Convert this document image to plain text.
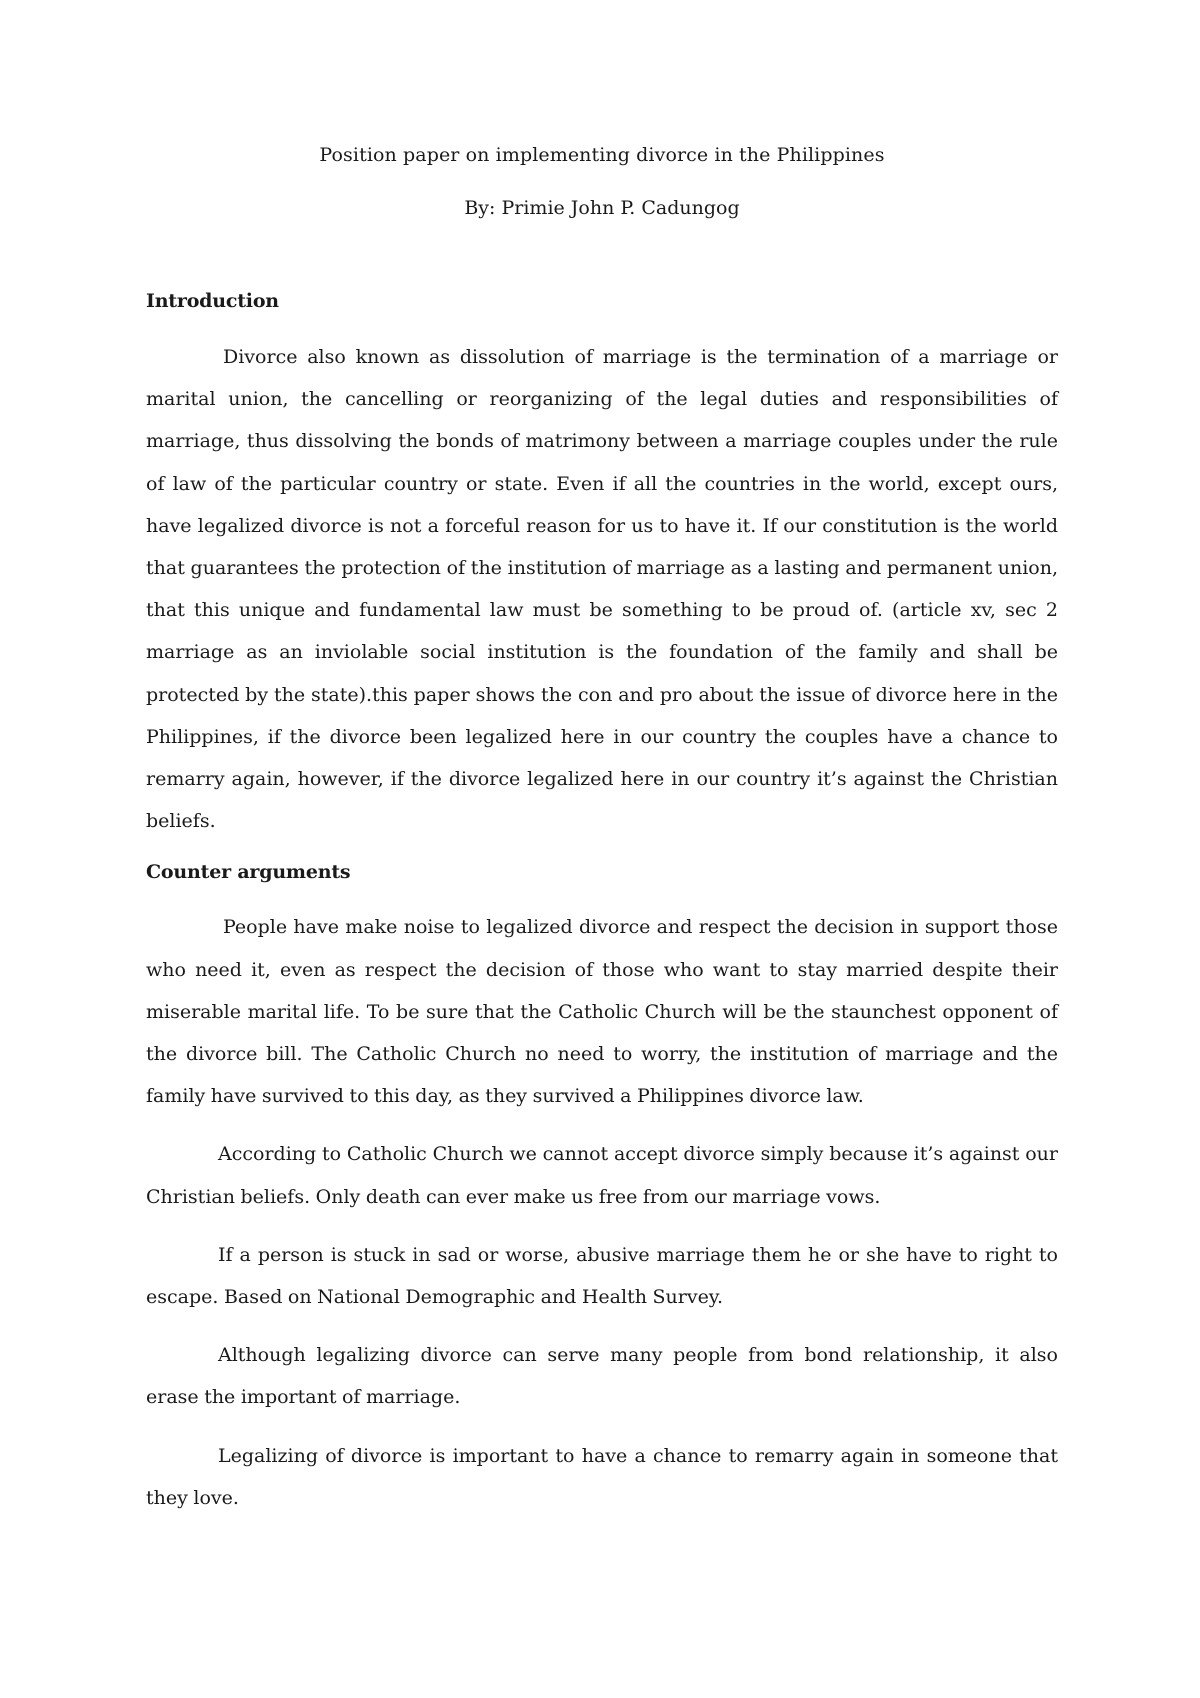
Position paper on implementing divorce in the Philippines

By: Primie John P. Cadungog

Introduction

Divorce also known as dissolution of marriage is the termination of a marriage or marital union, the cancelling or reorganizing of the legal duties and responsibilities of marriage, thus dissolving the bonds of matrimony between a marriage couples under the rule of law of the particular country or state. Even if all the countries in the world, except ours, have legalized divorce is not a forceful reason for us to have it. If our constitution is the world that guarantees the protection of the institution of marriage as a lasting and permanent union, that this unique and fundamental law must be something to be proud of. (article xv, sec 2 marriage as an inviolable social institution is the foundation of the family and shall be protected by the state).this paper shows the con and pro about the issue of divorce here in the Philippines, if the divorce been legalized here in our country the couples have a chance to remarry again, however, if the divorce legalized here in our country it’s against the Christian beliefs.

Counter arguments

People have make noise to legalized divorce and respect the decision in support those who need it, even as respect the decision of those who want to stay married despite their miserable marital life. To be sure that the Catholic Church will be the staunchest opponent of the divorce bill. The Catholic Church no need to worry, the institution of marriage and the family have survived to this day, as they survived a Philippines divorce law.

According to Catholic Church we cannot accept divorce simply because it’s against our Christian beliefs. Only death can ever make us free from our marriage vows.

If a person is stuck in sad or worse, abusive marriage them he or she have to right to escape. Based on National Demographic and Health Survey.

Although legalizing divorce can serve many people from bond relationship, it also erase the important of marriage.

Legalizing of divorce is important to have a chance to remarry again in someone that they love.
